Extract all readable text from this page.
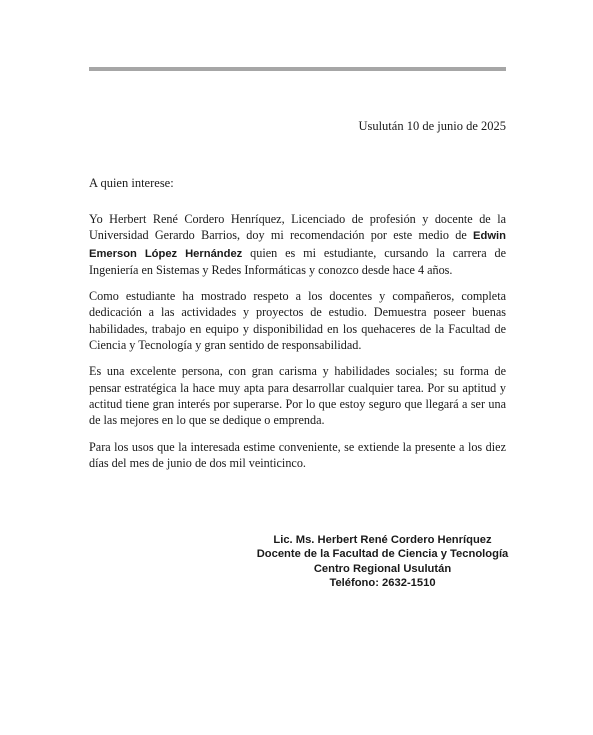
Usulután 10 de junio de 2025
A quien interese:

Yo Herbert René Cordero Henríquez, Licenciado de profesión y docente de la Universidad Gerardo Barrios, doy mi recomendación por este medio de Edwin Emerson López Hernández quien es mi estudiante, cursando la carrera de Ingeniería en Sistemas y Redes Informáticas y conozco desde hace 4 años.

Como estudiante ha mostrado respeto a los docentes y compañeros, completa dedicación a las actividades y proyectos de estudio. Demuestra poseer buenas habilidades, trabajo en equipo y disponibilidad en los quehaceres de la Facultad de Ciencia y Tecnología y gran sentido de responsabilidad.

Es una excelente persona, con gran carisma y habilidades sociales; su forma de pensar estratégica la hace muy apta para desarrollar cualquier tarea. Por su aptitud y actitud tiene gran interés por superarse. Por lo que estoy seguro que llegará a ser una de las mejores en lo que se dedique o emprenda.

Para los usos que la interesada estime conveniente, se extiende la presente a los diez días del mes de junio de dos mil veinticinco.

Lic. Ms. Herbert René Cordero Henríquez
Docente de la Facultad de Ciencia y Tecnología
Centro Regional Usulután
Teléfono: 2632-1510
